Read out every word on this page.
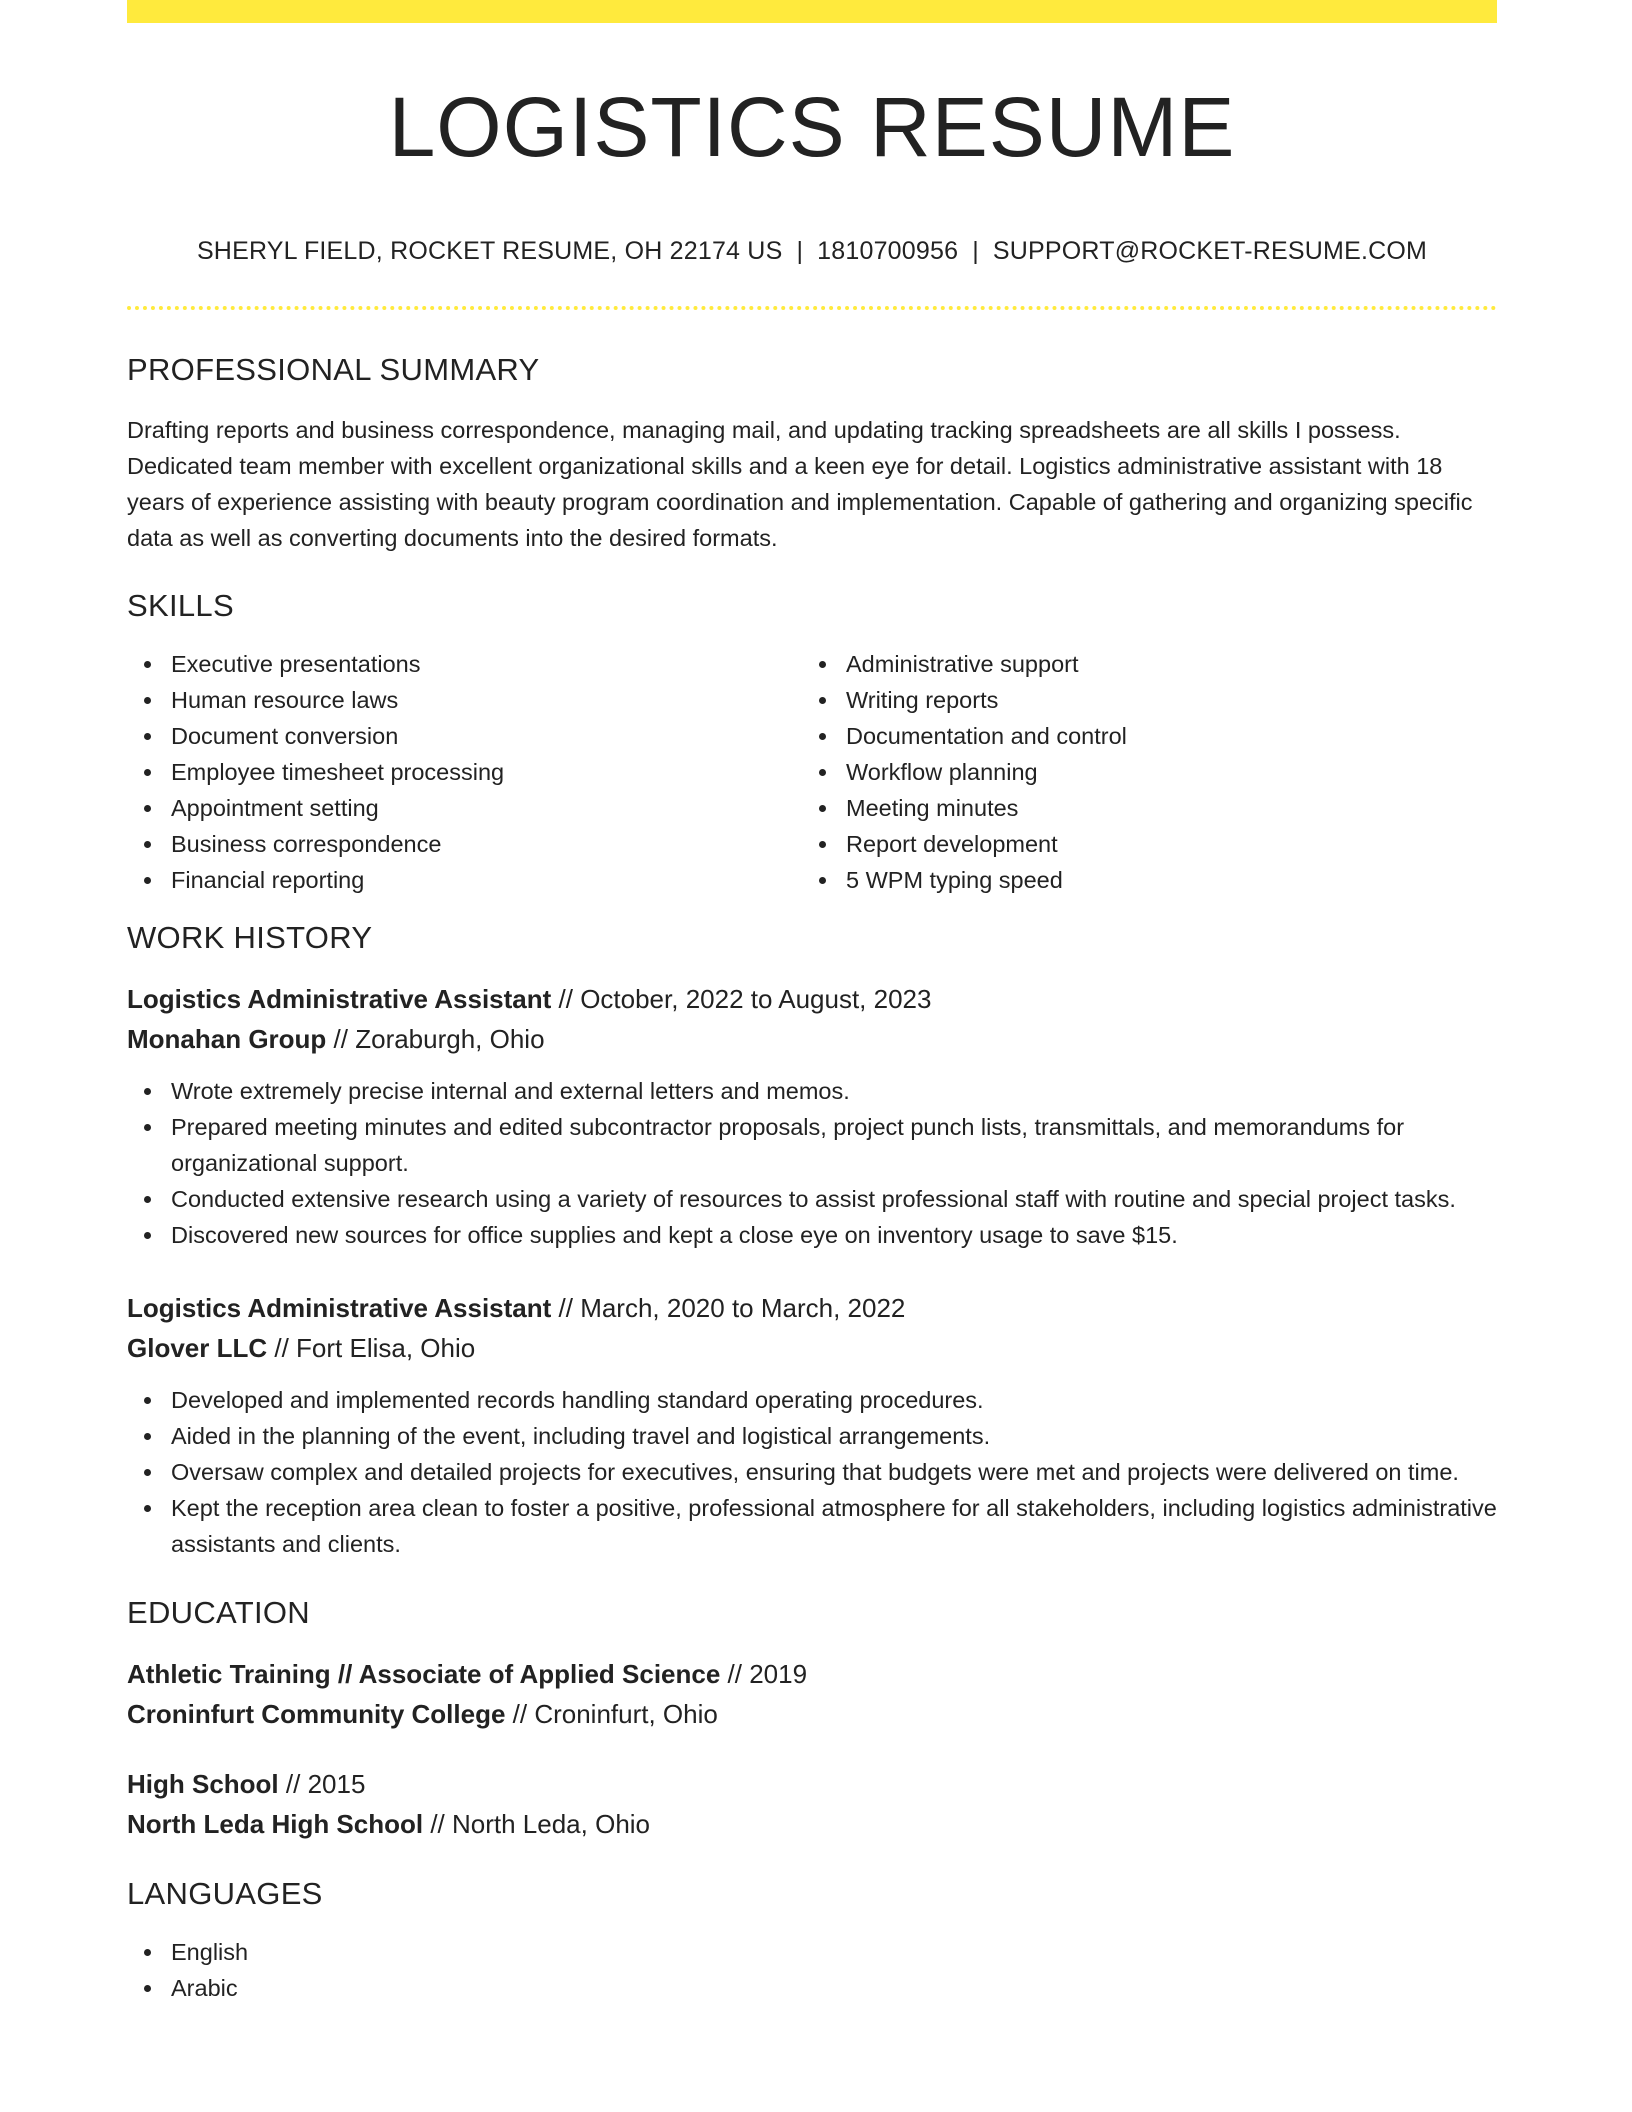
LOGISTICS RESUME
SHERYL FIELD, ROCKET RESUME, OH 22174 US | 1810700956 | SUPPORT@ROCKET-RESUME.COM
PROFESSIONAL SUMMARY
Drafting reports and business correspondence, managing mail, and updating tracking spreadsheets are all skills I possess. Dedicated team member with excellent organizational skills and a keen eye for detail. Logistics administrative assistant with 18 years of experience assisting with beauty program coordination and implementation. Capable of gathering and organizing specific data as well as converting documents into the desired formats.
SKILLS
Executive presentations
Human resource laws
Document conversion
Employee timesheet processing
Appointment setting
Business correspondence
Financial reporting
Administrative support
Writing reports
Documentation and control
Workflow planning
Meeting minutes
Report development
5 WPM typing speed
WORK HISTORY
Logistics Administrative Assistant // October, 2022 to August, 2023
Monahan Group // Zoraburgh, Ohio
Wrote extremely precise internal and external letters and memos.
Prepared meeting minutes and edited subcontractor proposals, project punch lists, transmittals, and memorandums for organizational support.
Conducted extensive research using a variety of resources to assist professional staff with routine and special project tasks.
Discovered new sources for office supplies and kept a close eye on inventory usage to save $15.
Logistics Administrative Assistant // March, 2020 to March, 2022
Glover LLC // Fort Elisa, Ohio
Developed and implemented records handling standard operating procedures.
Aided in the planning of the event, including travel and logistical arrangements.
Oversaw complex and detailed projects for executives, ensuring that budgets were met and projects were delivered on time.
Kept the reception area clean to foster a positive, professional atmosphere for all stakeholders, including logistics administrative assistants and clients.
EDUCATION
Athletic Training // Associate of Applied Science // 2019
Croninfurt Community College // Croninfurt, Ohio
High School // 2015
North Leda High School // North Leda, Ohio
LANGUAGES
English
Arabic
